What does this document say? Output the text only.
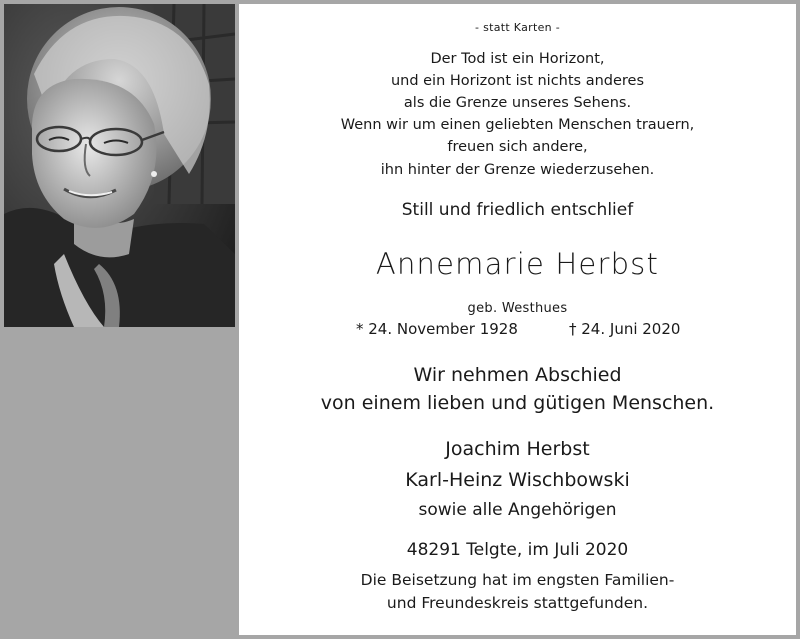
- statt Karten -
Der Tod ist ein Horizont,
und ein Horizont ist nichts anderes
als die Grenze unseres Sehens.
Wenn wir um einen geliebten Menschen trauern,
freuen sich andere,
ihn hinter der Grenze wiederzusehen.
Still und friedlich entschlief
Annemarie Herbst
geb. Westhues
* 24. November 1928	† 24. Juni 2020
Wir nehmen Abschied
von einem lieben und gütigen Menschen.
Joachim Herbst
Karl-Heinz Wischbowski
sowie alle Angehörigen
48291 Telgte, im Juli 2020
Die Beisetzung hat im engsten Familien-
und Freundeskreis stattgefunden.
